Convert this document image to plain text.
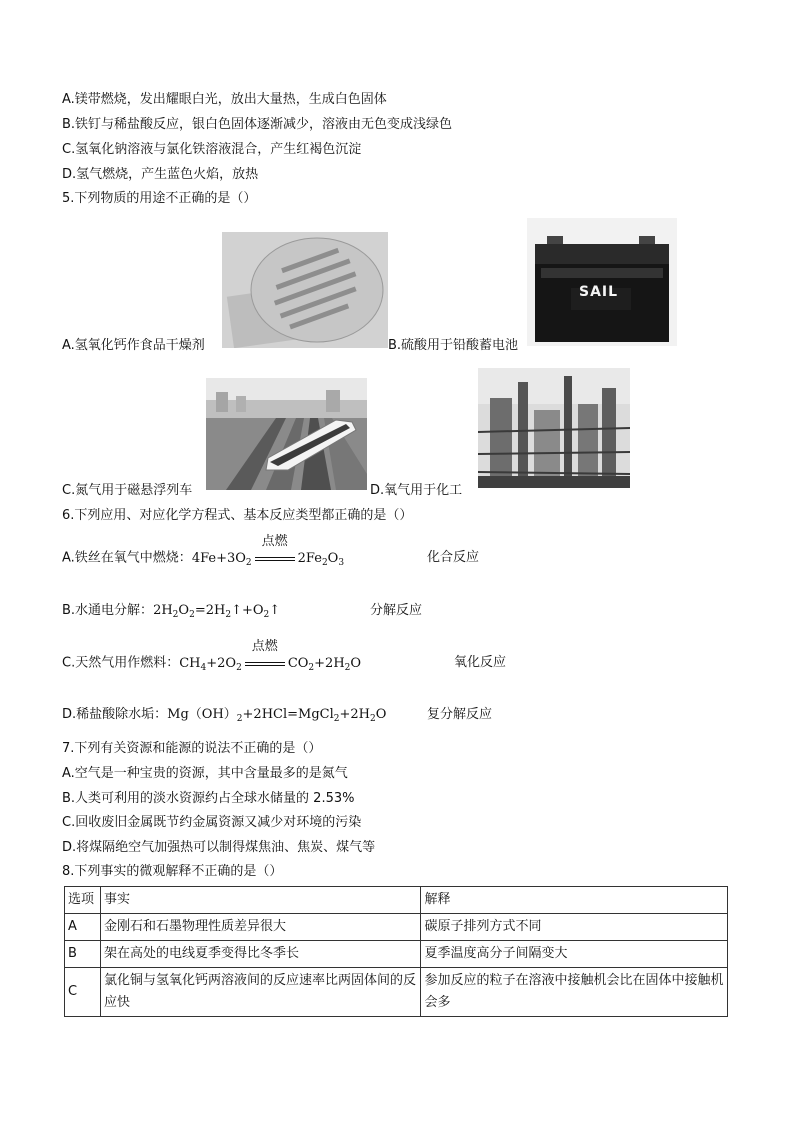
A.镁带燃烧，发出耀眼白光，放出大量热，生成白色固体
B.铁钉与稀盐酸反应，银白色固体逐渐减少，溶液由无色变成浅绿色
C.氢氧化钠溶液与氯化铁溶液混合，产生红褐色沉淀
D.氢气燃烧，产生蓝色火焰，放热
5.下列物质的用途不正确的是（）
A.氢氧化钙作食品干燥剂
SAIL
B.硫酸用于铅酸蓄电池
C.氮气用于磁悬浮列车	D.氧气用于化工
6.下列应用、对应化学方程式、基本反应类型都正确的是（）
A.铁丝在氧气中燃烧：$4Fe+3O_2$
点燃
$2Fe_2O_3$	化合反应
B.水通电分解：$2H_2O_2=2H_2↑+O_2↑$	分解反应
C.天然气用作燃料：$CH_4+2O_2$
点燃
$CO_2+2H_2O$	氧化反应
D.稀盐酸除水垢：$Mg(OH)_2+2HCl=MgCl_2+2H_2O$	复分解反应
7.下列有关资源和能源的说法不正确的是（）
A.空气是一种宝贵的资源，其中含量最多的是氮气
B.人类可利用的淡水资源约占全球水储量的 2.53%
C.回收废旧金属既节约金属资源又减少对环境的污染
D.将煤隔绝空气加强热可以制得煤焦油、焦炭、煤气等
8.下列事实的微观解释不正确的是（）
选项	事实	解释
A	金刚石和石墨物理性质差异很大	碳原子排列方式不同
B	架在高处的电线夏季变得比冬季长	夏季温度高分子间隔变大
C	氯化铜与氢氧化钙两溶液间的反应速率比两固体间的反应快	参加反应的粒子在溶液中接触机会比在固体中接触机会多
